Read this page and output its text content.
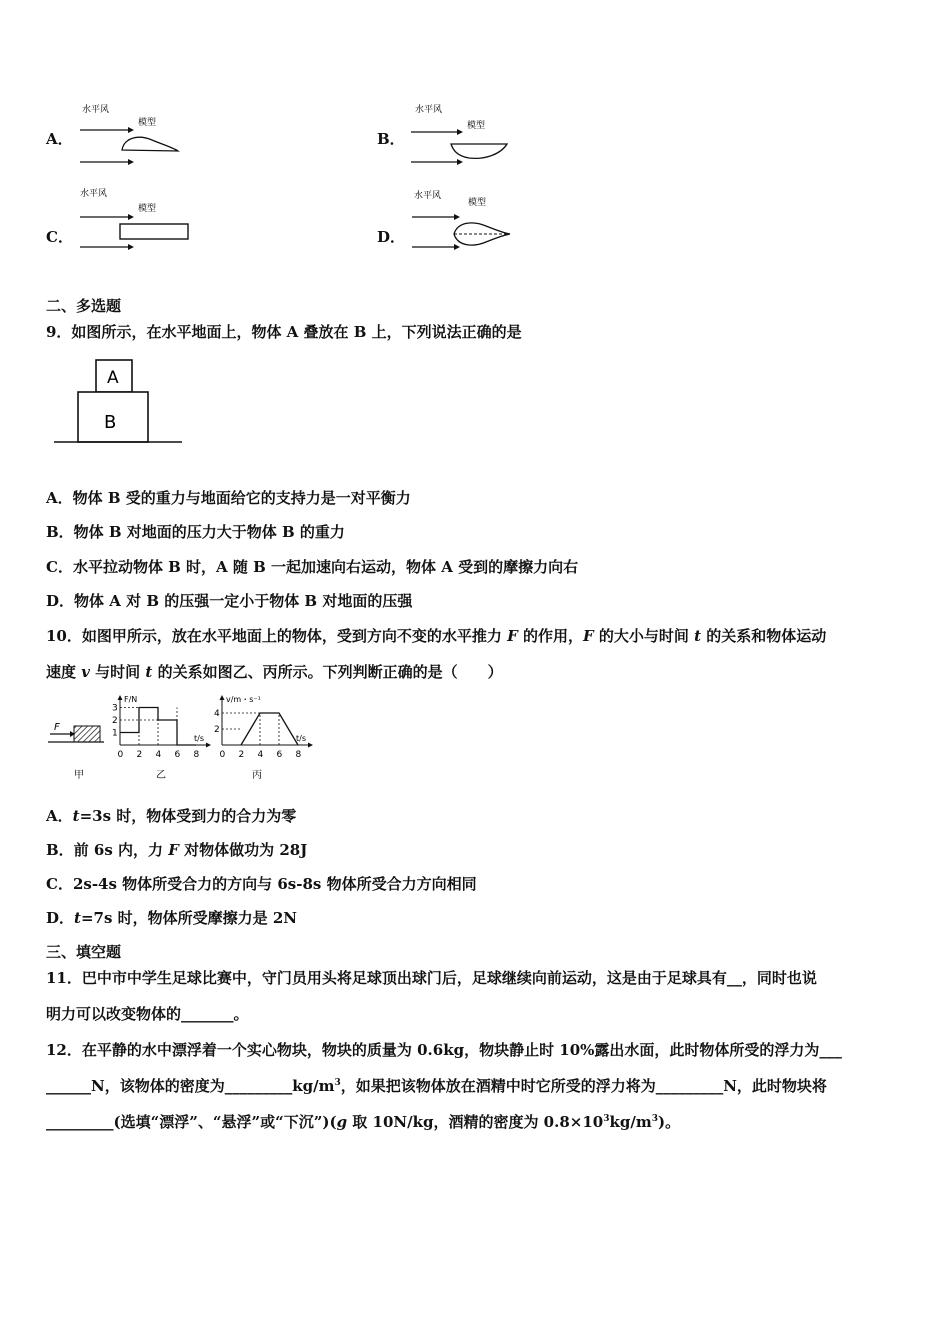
A．
水平风
模型
B．
水平风
模型
C．
水平风
模型
D．
水平风
模型
二、多选题
9．如图所示，在水平地面上，物体 A 叠放在 B 上，下列说法正确的是
A
B
A．物体 B 受的重力与地面给它的支持力是一对平衡力
B．物体 B 对地面的压力大于物体 B 的重力
C．水平拉动物体 B 时，A 随 B 一起加速向右运动，物体 A 受到的摩擦力向右
D．物体 A 对 B 的压强一定小于物体 B 对地面的压强
10．如图甲所示，放在水平地面上的物体，受到方向不变的水平推力 F 的作用，F 的大小与时间 t 的关系和物体运动
速度 v 与时间 t 的关系如图乙、丙所示。下列判断正确的是（　　）
F
甲
F/N
t/s
3
2
1
0 2 4 6 8
乙
v/m・s⁻¹
t/s
4
2
0 2 4 6 8
丙
A．t=3s 时，物体受到力的合力为零
B．前 6s 内，力 F 对物体做功为 28J
C．2s-4s 物体所受合力的方向与 6s-8s 物体所受合力方向相同
D．t=7s 时，物体所受摩擦力是 2N
三、填空题
11．巴中市中学生足球比赛中，守门员用头将足球顶出球门后，足球继续向前运动，这是由于足球具有__，同时也说
明力可以改变物体的_______。
12．在平静的水中漂浮着一个实心物块，物块的质量为 0.6kg，物块静止时 10%露出水面，此时物体所受的浮力为___
______N，该物体的密度为$\_\_\_\_\_\_\_\_\_kg/m^3$，如果把该物体放在酒精中时它所受的浮力将为_________N，此时物块将
_________(选填“漂浮”、“悬浮”或“下沉”)(g 取 10N/kg，酒精的密度为 $0.8\times 10^3kg/m^3$)。
